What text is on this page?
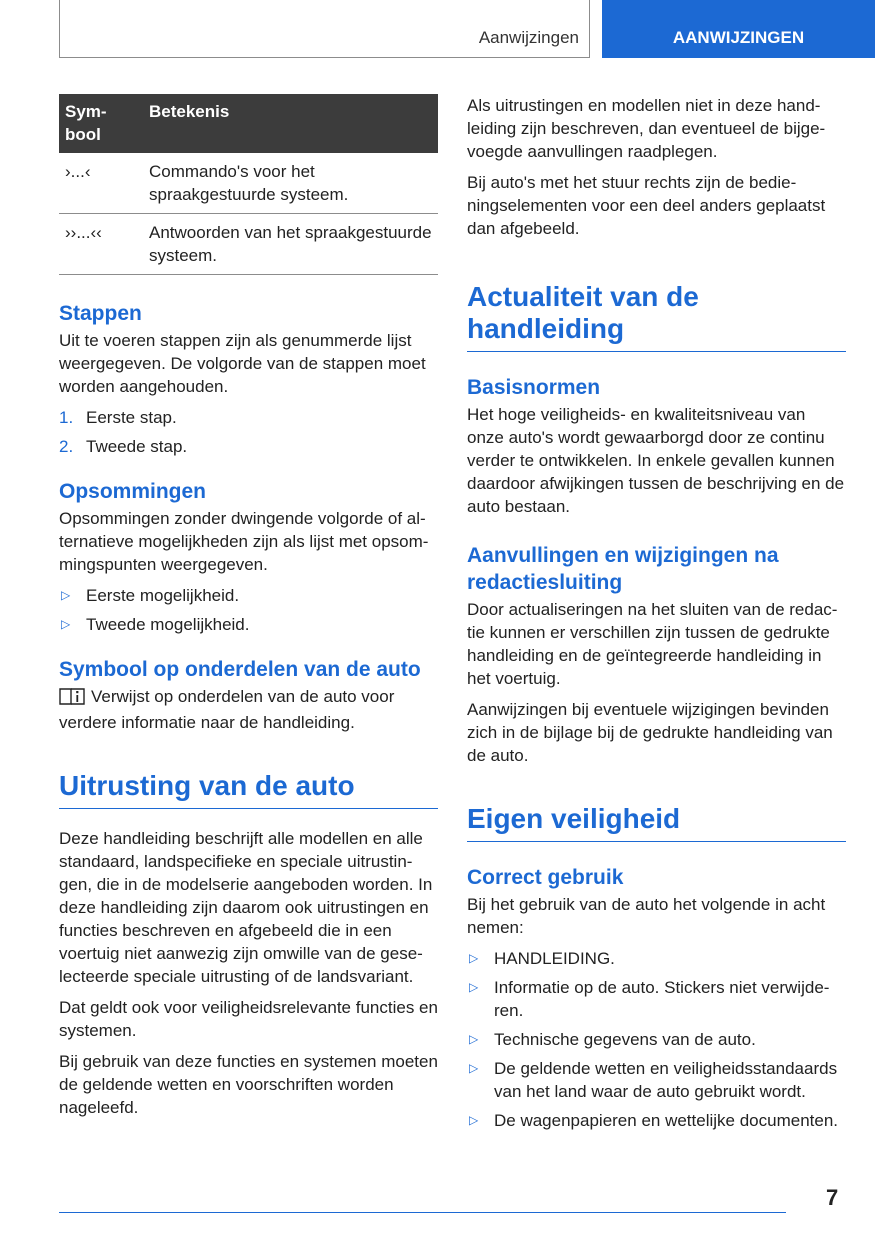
Aanwijzingen	AANWIJZINGEN
Sym-
bool	Betekenis
›...‹	Commando's voor het spraakgestuurde systeem.
››...‹‹	Antwoorden van het spraakgestuurde systeem.
Stappen

Uit te voeren stappen zijn als genummerde lijst weergegeven. De volgorde van de stappen moet worden aangehouden.

1. Eerste stap.
2. Tweede stap.
Opsommingen

Opsommingen zonder dwingende volgorde of alternatieve mogelijkheden zijn als lijst met opsommingspunten weergegeven.

▷ Eerste mogelijkheid.
▷ Tweede mogelijkheid.
Symbool op onderdelen van de auto

Verwijst op onderdelen van de auto voor verdere informatie naar de handleiding.

Uitrusting van de auto

Deze handleiding beschrijft alle modellen en alle standaard, landspecifieke en speciale uitrustingen, die in de modelserie aangeboden worden. In deze handleiding zijn daarom ook uitrustingen en functies beschreven en afgebeeld die in een voertuig niet aanwezig zijn omwille van de geselecteerde speciale uitrusting of de landsvariant.

Dat geldt ook voor veiligheidsrelevante functies en systemen.

Bij gebruik van deze functies en systemen moeten de geldende wetten en voorschriften worden nageleefd.

Als uitrustingen en modellen niet in deze handleiding zijn beschreven, dan eventueel de bijgevoegde aanvullingen raadplegen.

Bij auto's met het stuur rechts zijn de bedieningselementen voor een deel anders geplaatst dan afgebeeld.

Actualiteit van de handleiding
Basisnormen

Het hoge veiligheids- en kwaliteitsniveau van onze auto's wordt gewaarborgd door ze continu verder te ontwikkelen. In enkele gevallen kunnen daardoor afwijkingen tussen de beschrijving en de auto bestaan.

Aanvullingen en wijzigingen na redactiesluiting

Door actualiseringen na het sluiten van de redactie kunnen er verschillen zijn tussen de gedrukte handleiding en de geïntegreerde handleiding in het voertuig.

Aanwijzingen bij eventuele wijzigingen bevinden zich in de bijlage bij de gedrukte handleiding van de auto.

Eigen veiligheid
Correct gebruik

Bij het gebruik van de auto het volgende in acht nemen:

▷ HANDLEIDING.
▷ Informatie op de auto. Stickers niet verwijderen.
▷ Technische gegevens van de auto.
▷ De geldende wetten en veiligheidsstandaards van het land waar de auto gebruikt wordt.
▷ De wagenpapieren en wettelijke documenten.
7
